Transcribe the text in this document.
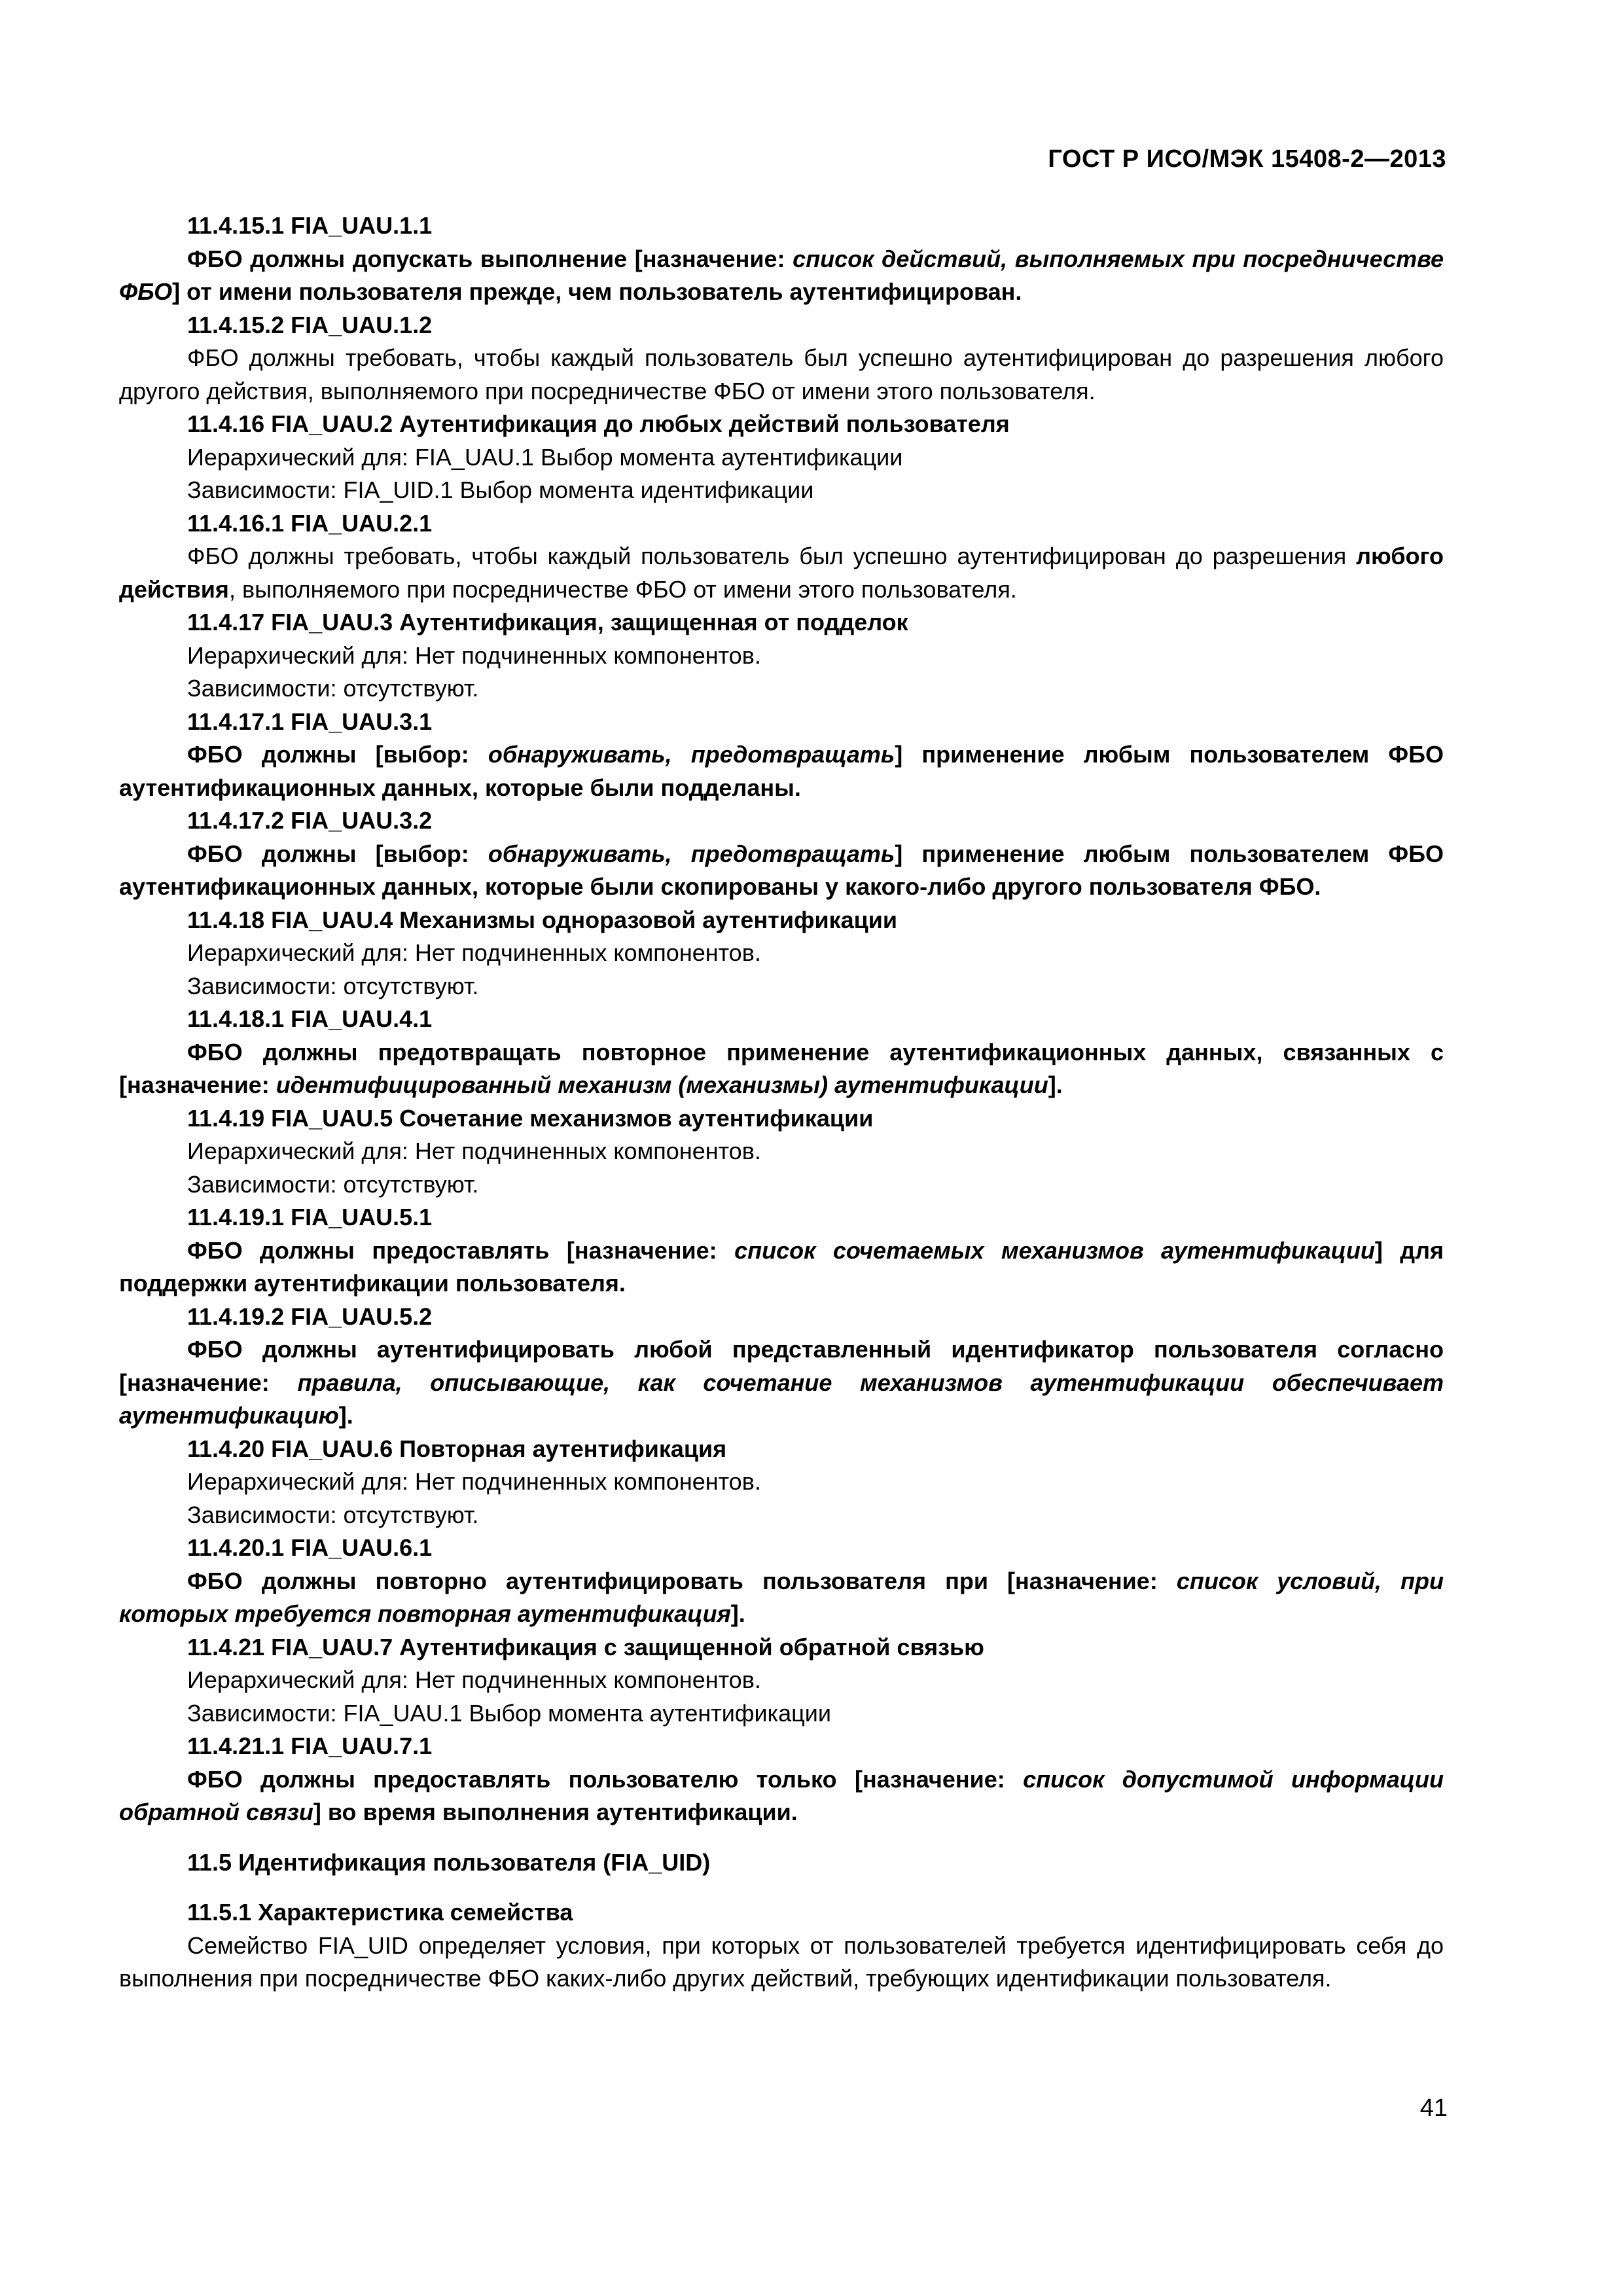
ГОСТ Р ИСО/МЭК 15408-2—2013

11.4.15.1 FIA_UAU.1.1

ФБО должны допускать выполнение [назначение: список действий, выполняемых при посредничестве ФБО] от имени пользователя прежде, чем пользователь аутентифицирован.

11.4.15.2 FIA_UAU.1.2

ФБО должны требовать, чтобы каждый пользователь был успешно аутентифицирован до разрешения любого другого действия, выполняемого при посредничестве ФБО от имени этого пользователя.

11.4.16 FIA_UAU.2 Аутентификация до любых действий пользователя

Иерархический для: FIA_UAU.1 Выбор момента аутентификации

Зависимости: FIA_UID.1 Выбор момента идентификации

11.4.16.1 FIA_UAU.2.1

ФБО должны требовать, чтобы каждый пользователь был успешно аутентифицирован до разрешения любого действия, выполняемого при посредничестве ФБО от имени этого пользователя.

11.4.17 FIA_UAU.3 Аутентификация, защищенная от подделок

Иерархический для: Нет подчиненных компонентов.

Зависимости: отсутствуют.

11.4.17.1 FIA_UAU.3.1

ФБО должны [выбор: обнаруживать, предотвращать] применение любым пользователем ФБО аутентификационных данных, которые были подделаны.

11.4.17.2 FIA_UAU.3.2

ФБО должны [выбор: обнаруживать, предотвращать] применение любым пользователем ФБО аутентификационных данных, которые были скопированы у какого-либо другого пользователя ФБО.

11.4.18 FIA_UAU.4 Механизмы одноразовой аутентификации

Иерархический для: Нет подчиненных компонентов.

Зависимости: отсутствуют.

11.4.18.1 FIA_UAU.4.1

ФБО должны предотвращать повторное применение аутентификационных данных, связанных с [назначение: идентифицированный механизм (механизмы) аутентификации].

11.4.19 FIA_UAU.5 Сочетание механизмов аутентификации

Иерархический для: Нет подчиненных компонентов.

Зависимости: отсутствуют.

11.4.19.1 FIA_UAU.5.1

ФБО должны предоставлять [назначение: список сочетаемых механизмов аутентификации] для поддержки аутентификации пользователя.

11.4.19.2 FIA_UAU.5.2

ФБО должны аутентифицировать любой представленный идентификатор пользователя согласно [назначение: правила, описывающие, как сочетание механизмов аутентификации обеспечивает аутентификацию].

11.4.20 FIA_UAU.6 Повторная аутентификация

Иерархический для: Нет подчиненных компонентов.

Зависимости: отсутствуют.

11.4.20.1 FIA_UAU.6.1

ФБО должны повторно аутентифицировать пользователя при [назначение: список условий, при которых требуется повторная аутентификация].

11.4.21 FIA_UAU.7 Аутентификация с защищенной обратной связью

Иерархический для: Нет подчиненных компонентов.

Зависимости: FIA_UAU.1 Выбор момента аутентификации

11.4.21.1 FIA_UAU.7.1

ФБО должны предоставлять пользователю только [назначение: список допустимой информации обратной связи] во время выполнения аутентификации.

11.5 Идентификация пользователя (FIA_UID)

11.5.1 Характеристика семейства

Семейство FIA_UID определяет условия, при которых от пользователей требуется идентифицировать себя до выполнения при посредничестве ФБО каких-либо других действий, требующих идентификации пользователя.

41
